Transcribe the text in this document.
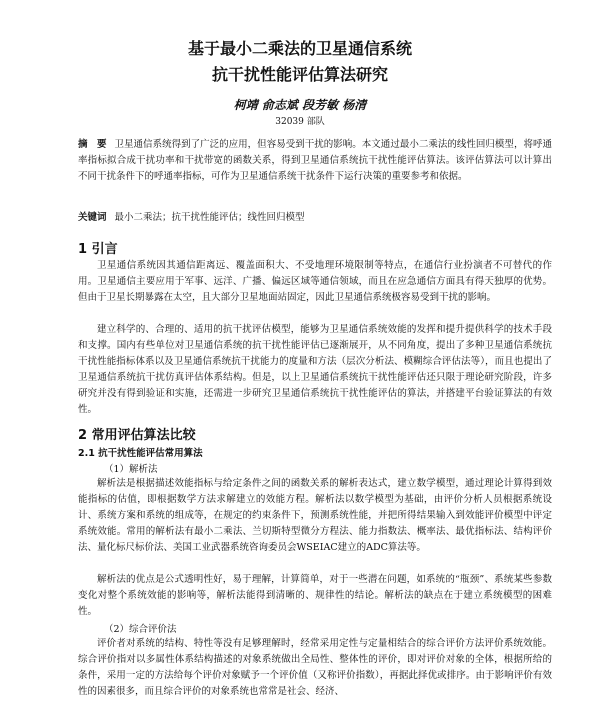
基于最小二乘法的卫星通信系统
抗干扰性能评估算法研究
柯靖 俞志斌 段芳敏 杨清
32039 部队
摘　要 卫星通信系统得到了广泛的应用，但容易受到干扰的影响。本文通过最小二乘法的线性回归模型，将呼通率指标拟合成干扰功率和干扰带宽的函数关系，得到卫星通信系统抗干扰性能评估算法。该评估算法可以计算出不同干扰条件下的呼通率指标，可作为卫星通信系统干扰条件下运行决策的重要参考和依据。
关键词 最小二乘法；抗干扰性能评估；线性回归模型
1 引言

卫星通信系统因其通信距离远、覆盖面积大、不受地理环境限制等特点，在通信行业扮演者不可替代的作用。卫星通信主要应用于军事、远洋、广播、偏远区域等通信领域，而且在应急通信方面具有得天独厚的优势。但由于卫星长期暴露在太空，且大部分卫星地面站固定，因此卫星通信系统极容易受到干扰的影响。

建立科学的、合理的、适用的抗干扰评估模型，能够为卫星通信系统效能的发挥和提升提供科学的技术手段和支撑。国内有些单位对卫星通信系统的抗干扰性能评估已逐渐展开，从不同角度，提出了多种卫星通信系统抗干扰性能指标体系以及卫星通信系统抗干扰能力的度量和方法（层次分析法、模糊综合评估法等），而且也提出了卫星通信系统抗干扰仿真评估体系结构。但是，以上卫星通信系统抗干扰性能评估还只限于理论研究阶段，许多研究并没有得到验证和实施，还需进一步研究卫星通信系统抗干扰性能评估的算法，并搭建平台验证算法的有效性。

2 常用评估算法比较
2.1 抗干扰性能评估常用算法
（1）解析法

解析法是根据描述效能指标与给定条件之间的函数关系的解析表达式，建立数学模型，通过理论计算得到效能指标的估值，即根据数学方法求解建立的效能方程。解析法以数学模型为基础，由评价分析人员根据系统设计、系统方案和系统的组成等，在规定的约束条件下，预测系统性能，并把所得结果输入到效能评价模型中评定系统效能。常用的解析法有最小二乘法、兰切斯特型微分方程法、能力指数法、概率法、最优指标法、结构评价法、量化标尺标价法、美国工业武器系统咨询委员会WSEIAC建立的ADC算法等。

解析法的优点是公式透明性好，易于理解，计算简单，对于一些潜在问题，如系统的“瓶颈”、系统某些参数变化对整个系统效能的影响等，解析法能得到清晰的、规律性的结论。解析法的缺点在于建立系统模型的困难性。

（2）综合评价法

评价者对系统的结构、特性等没有足够理解时，经常采用定性与定量相结合的综合评价方法评价系统效能。综合评价指对以多属性体系结构描述的对象系统做出全局性、整体性的评价，即对评价对象的全体，根据所给的条件，采用一定的方法给每个评价对象赋予一个评价值（又称评价指数），再据此择优或排序。由于影响评价有效性的因素很多，而且综合评价的对象系统也常常是社会、经济、
